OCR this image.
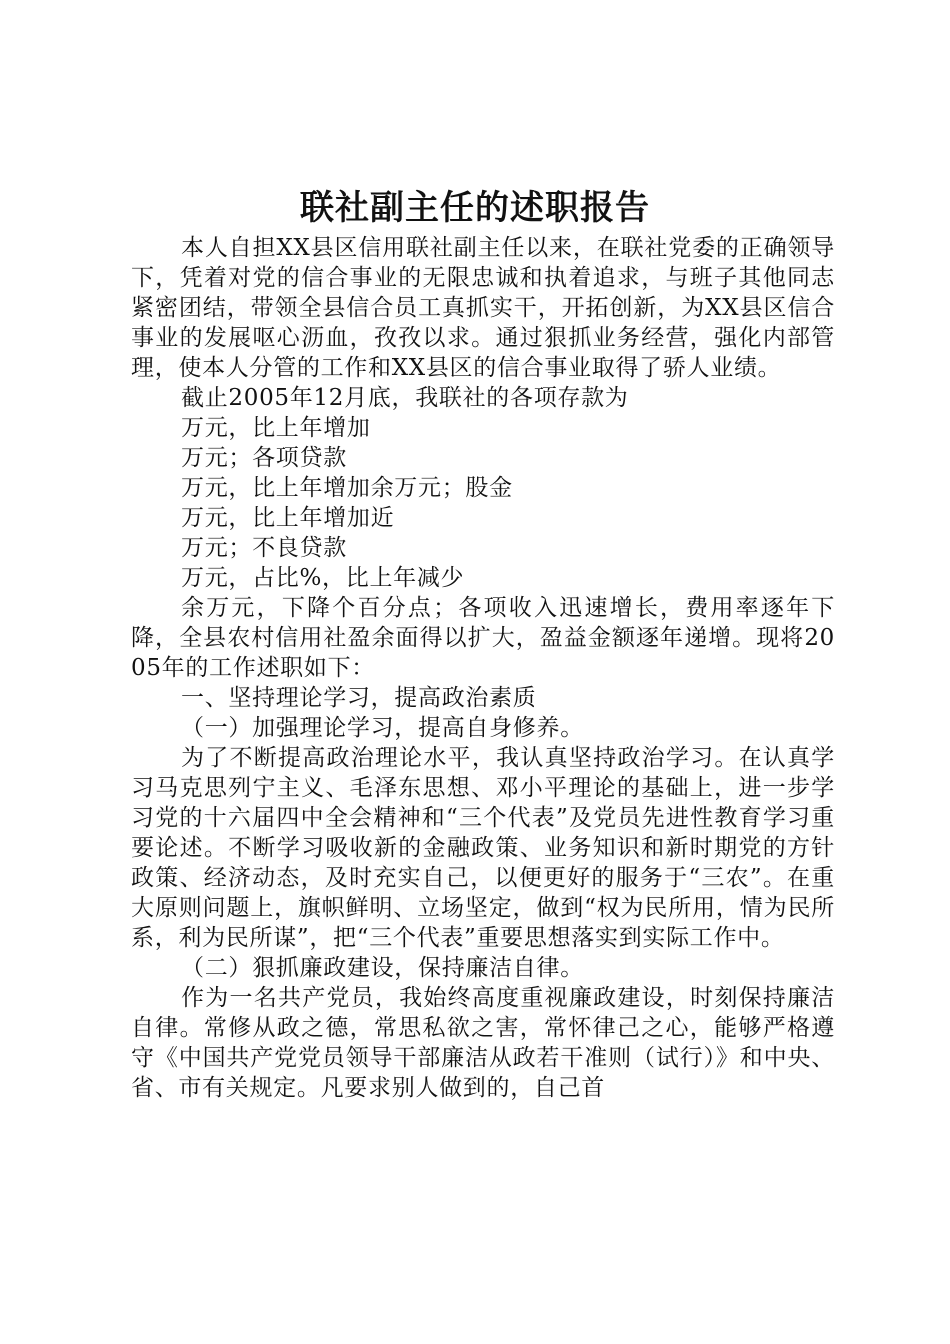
联社副主任的述职报告

本人自担XX县区信用联社副主任以来，在联社党委的正确领导下，凭着对党的信合事业的无限忠诚和执着追求，与班子其他同志紧密团结，带领全县信合员工真抓实干，开拓创新，为XX县区信合事业的发展呕心沥血，孜孜以求。通过狠抓业务经营，强化内部管理，使本人分管的工作和XX县区的信合事业取得了骄人业绩。

截止2005年12月底，我联社的各项存款为

万元，比上年增加

万元；各项贷款

万元，比上年增加余万元；股金

万元，比上年增加近

万元；不良贷款

万元，占比%，比上年减少

余万元，下降个百分点；各项收入迅速增长，费用率逐年下降，全县农村信用社盈余面得以扩大，盈益金额逐年递增。现将2005年的工作述职如下：

一、坚持理论学习，提高政治素质

（一）加强理论学习，提高自身修养。

为了不断提高政治理论水平，我认真坚持政治学习。在认真学习马克思列宁主义、毛泽东思想、邓小平理论的基础上，进一步学习党的十六届四中全会精神和“三个代表”及党员先进性教育学习重要论述。不断学习吸收新的金融政策、业务知识和新时期党的方针政策、经济动态，及时充实自己，以便更好的服务于“三农”。在重大原则问题上，旗帜鲜明、立场坚定，做到“权为民所用，情为民所系，利为民所谋”，把“三个代表”重要思想落实到实际工作中。

（二）狠抓廉政建设，保持廉洁自律。

作为一名共产党员，我始终高度重视廉政建设，时刻保持廉洁自律。常修从政之德，常思私欲之害，常怀律己之心，能够严格遵守《中国共产党党员领导干部廉洁从政若干准则（试行）》和中央、省、市有关规定。凡要求别人做到的，自己首
